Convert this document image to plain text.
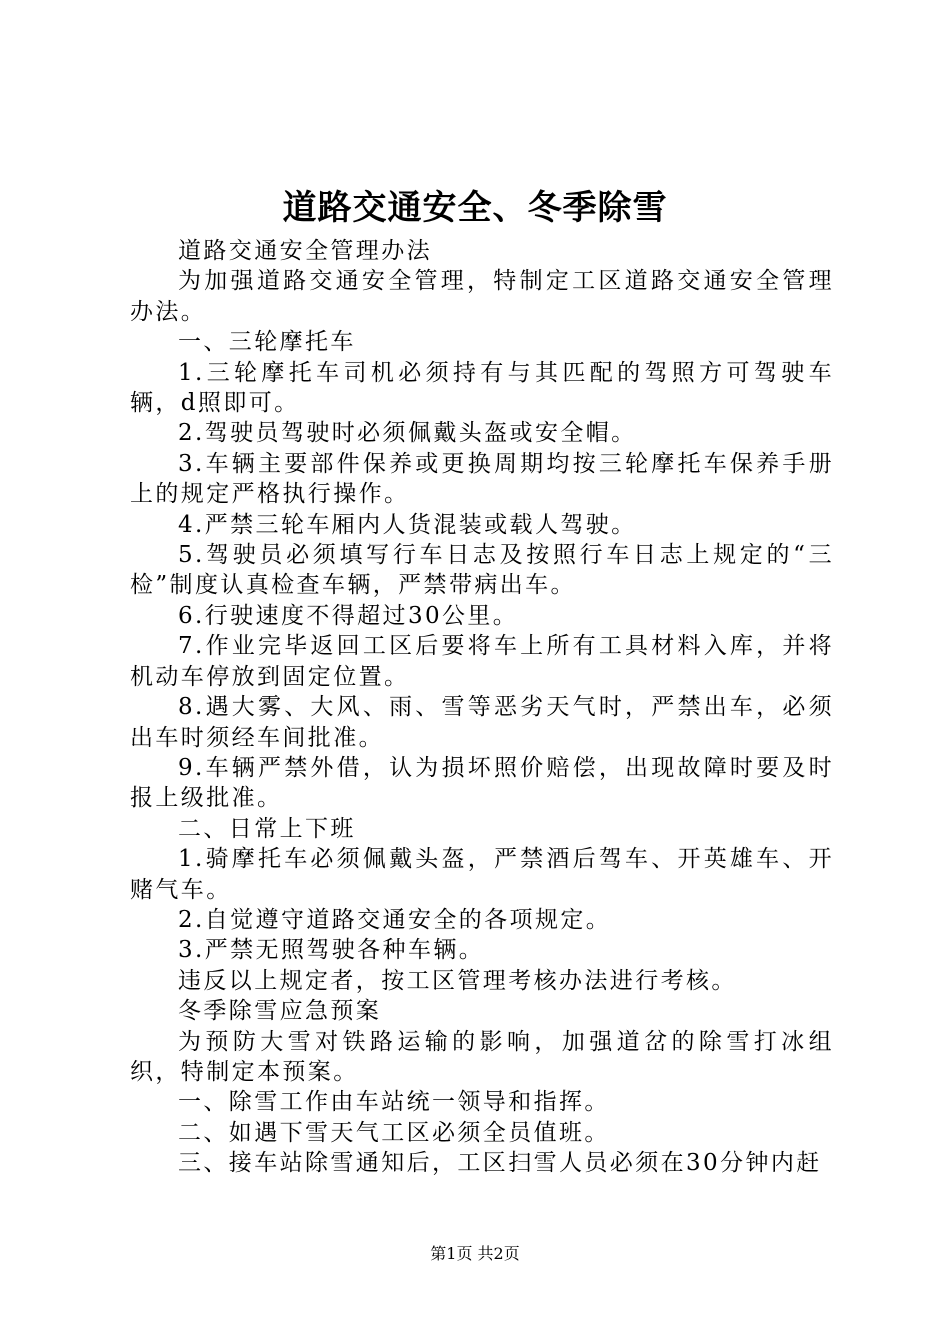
道路交通安全、冬季除雪

道路交通安全管理办法

为加强道路交通安全管理，特制定工区道路交通安全管理办法。

一、三轮摩托车

1.三轮摩托车司机必须持有与其匹配的驾照方可驾驶车辆，d照即可。

2.驾驶员驾驶时必须佩戴头盔或安全帽。

3.车辆主要部件保养或更换周期均按三轮摩托车保养手册上的规定严格执行操作。

4.严禁三轮车厢内人货混装或载人驾驶。

5.驾驶员必须填写行车日志及按照行车日志上规定的“三检”制度认真检查车辆，严禁带病出车。

6.行驶速度不得超过30公里。

7.作业完毕返回工区后要将车上所有工具材料入库，并将机动车停放到固定位置。

8.遇大雾、大风、雨、雪等恶劣天气时，严禁出车，必须出车时须经车间批准。

9.车辆严禁外借，认为损坏照价赔偿，出现故障时要及时报上级批准。

二、日常上下班

1.骑摩托车必须佩戴头盔，严禁酒后驾车、开英雄车、开赌气车。

2.自觉遵守道路交通安全的各项规定。

3.严禁无照驾驶各种车辆。

违反以上规定者，按工区管理考核办法进行考核。

冬季除雪应急预案

为预防大雪对铁路运输的影响，加强道岔的除雪打冰组织，特制定本预案。

一、除雪工作由车站统一领导和指挥。

二、如遇下雪天气工区必须全员值班。

三、接车站除雪通知后，工区扫雪人员必须在30分钟内赶

第1页 共2页
